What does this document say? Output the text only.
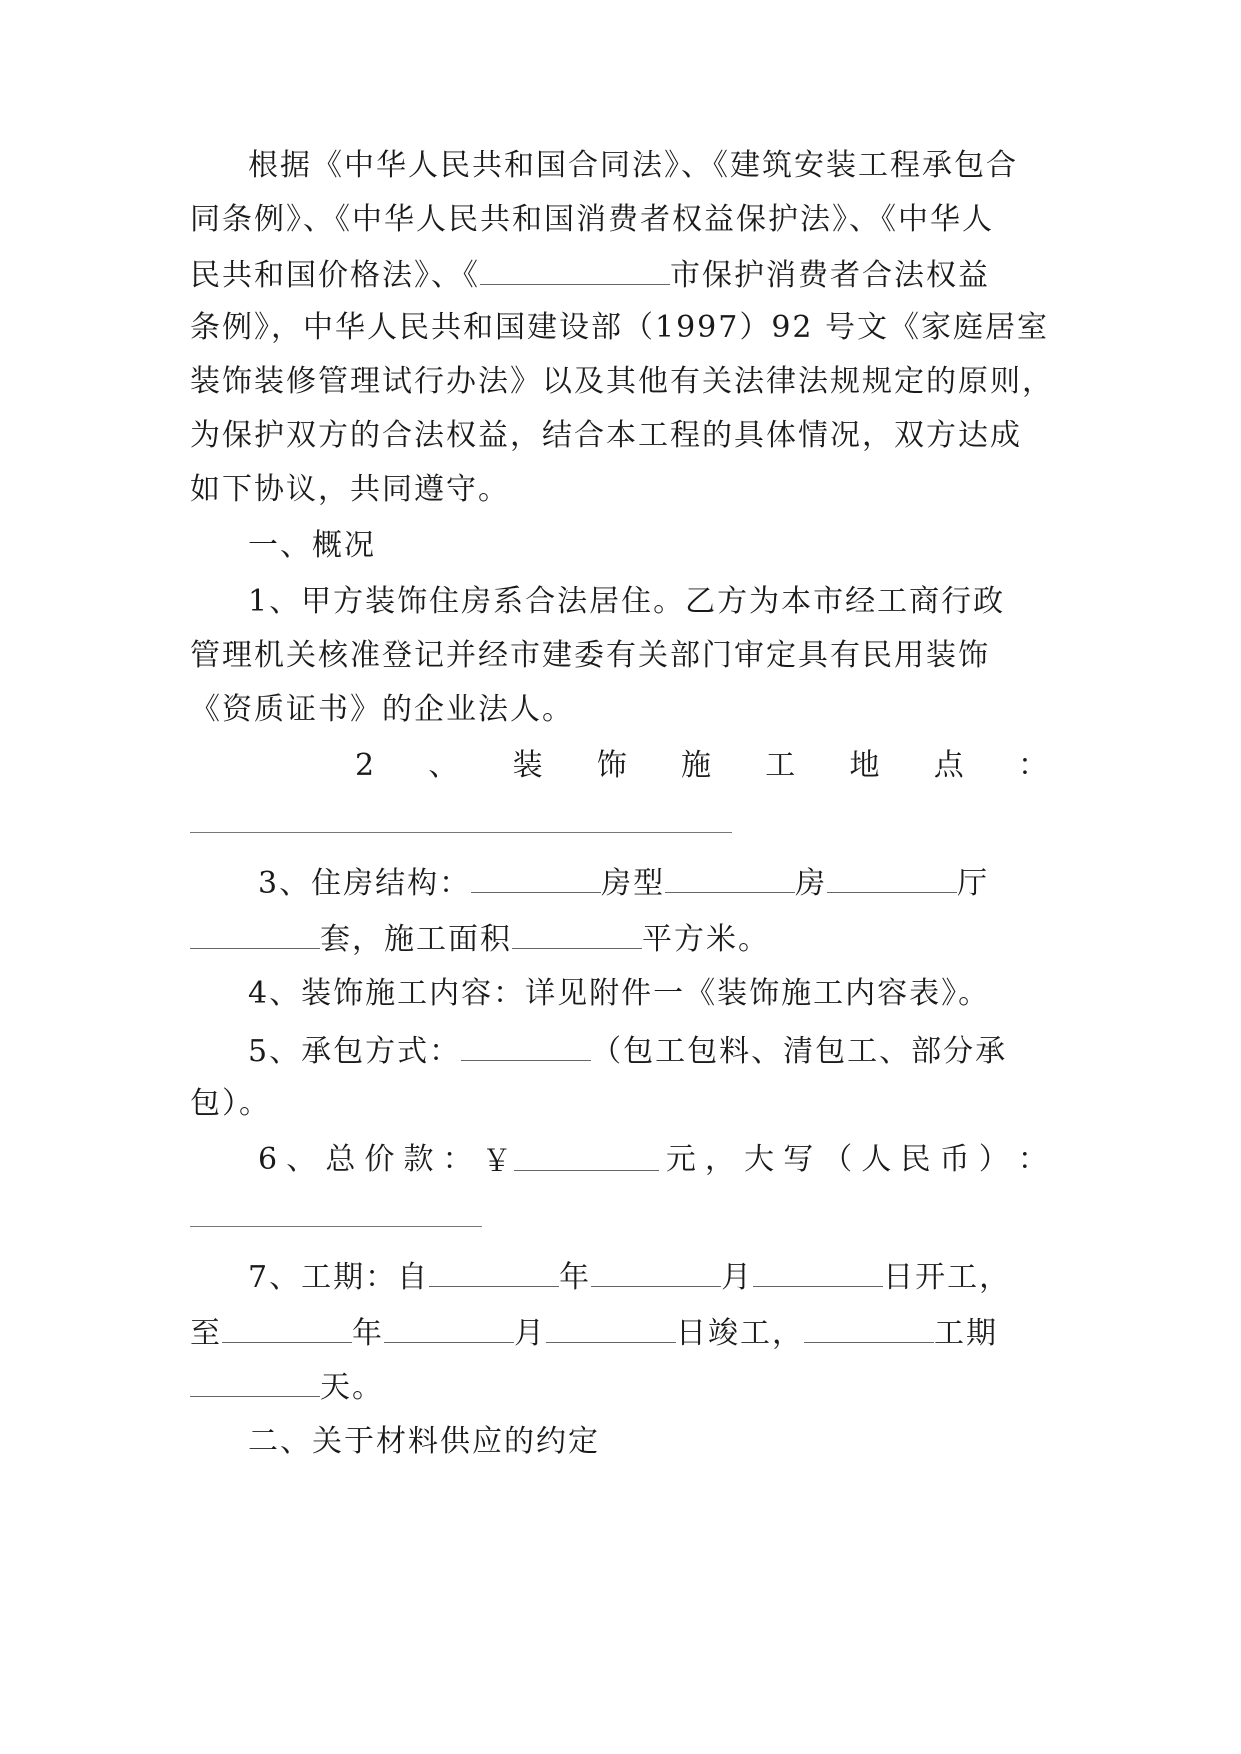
根据《中华人民共和国合同法》、《建筑安装工程承包合
同条例》、《中华人民共和国消费者权益保护法》、《中华人
民共和国价格法》、《	市保护消费者合法权益
条例》，中华人民共和国建设部（1997）92 号文《家庭居室
装饰装修管理试行办法》以及其他有关法律法规规定的原则，
为保护双方的合法权益，结合本工程的具体情况，双方达成
如下协议，共同遵守。
一、概况
1、甲方装饰住房系合法居住。乙方为本市经工商行政
管理机关核准登记并经市建委有关部门审定具有民用装饰
《资质证书》的企业法人。
2 、 装 饰 施 工 地 点 ：
3、住房结构：	房型	房	厅
套，施工面积	平方米。
4、装饰施工内容：详见附件一《装饰施工内容表》。
5、承包方式：	（包工包料、清包工、部分承
包）。
6 、 总 价 款 ： ￥	元 ， 大 写 （ 人 民 币 ） ：
7、工期：自	年	月	日开工，
至	年	月	日竣工，	工期
天。
二、关于材料供应的约定
